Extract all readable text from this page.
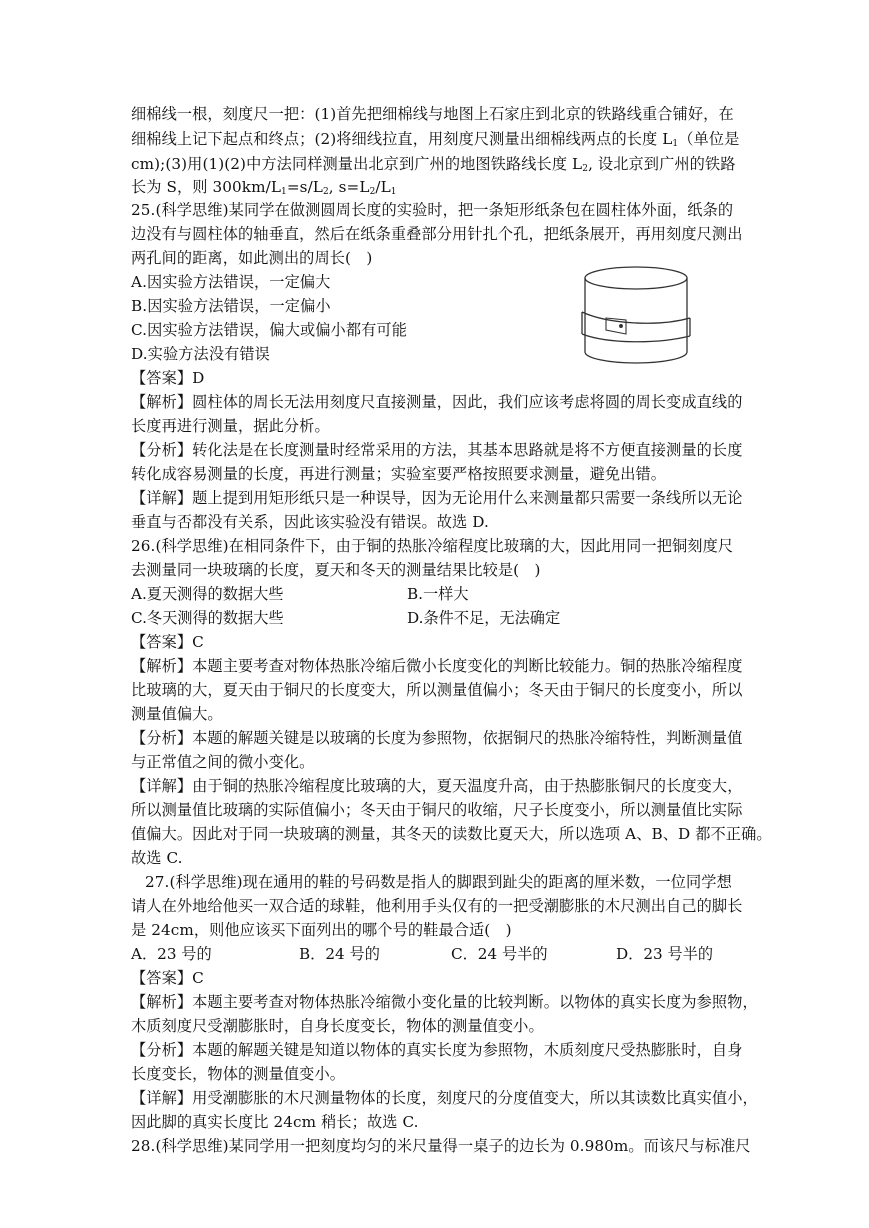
细棉线一根，刻度尺一把：(1)首先把细棉线与地图上石家庄到北京的铁路线重合铺好，在
细棉线上记下起点和终点；(2)将细线拉直，用刻度尺测量出细棉线两点的长度 $L_1$（单位是
cm);(3)用(1)(2)中方法同样测量出北京到广州的地图铁路线长度 $L_2$, 设北京到广州的铁路
长为 S，则 $300km/L_1=s/L_2$, $s=L_2/L_1$
25.(科学思维)某同学在做测圆周长度的实验时，把一条矩形纸条包在圆柱体外面，纸条的
边没有与圆柱体的轴垂直，然后在纸条重叠部分用针扎个孔，把纸条展开，再用刻度尺测出
两孔间的距离，如此测出的周长(　)
A.因实验方法错误，一定偏大
B.因实验方法错误，一定偏小
C.因实验方法错误，偏大或偏小都有可能
D.实验方法没有错误
【答案】D
【解析】圆柱体的周长无法用刻度尺直接测量，因此，我们应该考虑将圆的周长变成直线的
长度再进行测量，据此分析。
【分析】转化法是在长度测量时经常采用的方法，其基本思路就是将不方便直接测量的长度
转化成容易测量的长度，再进行测量；实验室要严格按照要求测量，避免出错。
【详解】题上提到用矩形纸只是一种误导，因为无论用什么来测量都只需要一条线所以无论
垂直与否都没有关系，因此该实验没有错误。故选 D.
26.(科学思维)在相同条件下，由于铜的热胀冷缩程度比玻璃的大，因此用同一把铜刻度尺
去测量同一块玻璃的长度，夏天和冬天的测量结果比较是(　)
A.夏天测得的数据大些	B.一样大
C.冬天测得的数据大些	D.条件不足，无法确定
【答案】C
【解析】本题主要考查对物体热胀冷缩后微小长度变化的判断比较能力。铜的热胀冷缩程度
比玻璃的大，夏天由于铜尺的长度变大，所以测量值偏小；冬天由于铜尺的长度变小，所以
测量值偏大。
【分析】本题的解题关键是以玻璃的长度为参照物，依据铜尺的热胀冷缩特性，判断测量值
与正常值之间的微小变化。
【详解】由于铜的热胀冷缩程度比玻璃的大，夏天温度升高，由于热膨胀铜尺的长度变大，
所以测量值比玻璃的实际值偏小；冬天由于铜尺的收缩，尺子长度变小，所以测量值比实际
值偏大。因此对于同一块玻璃的测量，其冬天的读数比夏天大，所以选项 A、B、D 都不正确。
故选 C.
27.(科学思维)现在通用的鞋的号码数是指人的脚跟到趾尖的距离的厘米数，一位同学想
请人在外地给他买一双合适的球鞋，他利用手头仅有的一把受潮膨胀的木尺测出自己的脚长
是 24cm，则他应该买下面列出的哪个号的鞋最合适(　)
A．23 号的	B．24 号的	C．24 号半的	D．23 号半的
【答案】C
【解析】本题主要考查对物体热胀冷缩微小变化量的比较判断。以物体的真实长度为参照物，
木质刻度尺受潮膨胀时，自身长度变长，物体的测量值变小。
【分析】本题的解题关键是知道以物体的真实长度为参照物，木质刻度尺受热膨胀时，自身
长度变长，物体的测量值变小。
【详解】用受潮膨胀的木尺测量物体的长度，刻度尺的分度值变大，所以其读数比真实值小，
因此脚的真实长度比 24cm 稍长；故选 C.
28.(科学思维)某同学用一把刻度均匀的米尺量得一桌子的边长为 0.980m。而该尺与标准尺
